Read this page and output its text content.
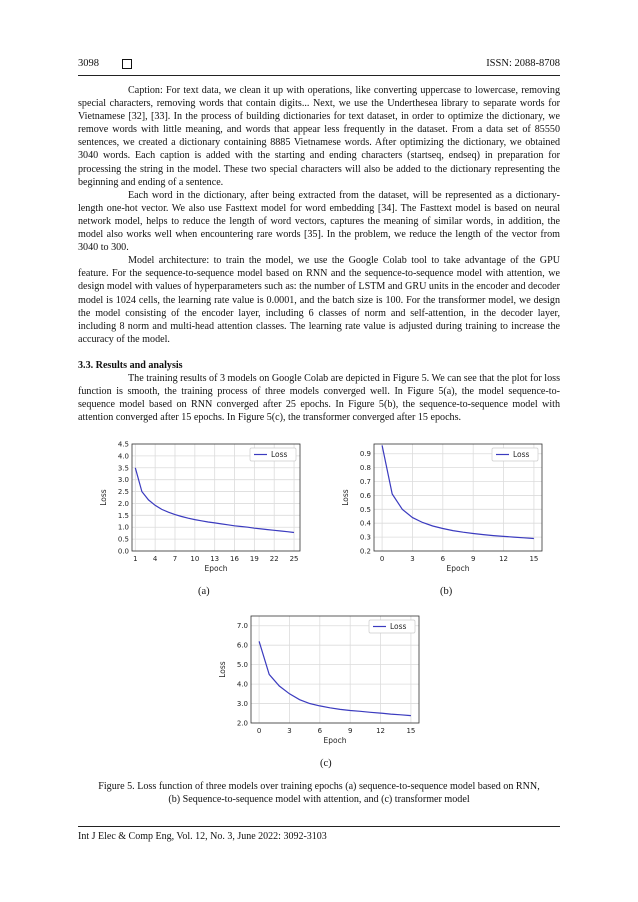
3098	ISSN: 2088-8708

Caption: For text data, we clean it up with operations, like converting uppercase to lowercase, removing special characters, removing words that contain digits... Next, we use the Underthesea library to separate words for Vietnamese [32], [33]. In the process of building dictionaries for text dataset, in order to optimize the dictionary, we remove words with little meaning, and words that appear less frequently in the dataset. From a data set of 85550 sentences, we created a dictionary containing 8885 Vietnamese words. After optimizing the dictionary, we obtained 3040 words. Each caption is added with the starting and ending characters (startseq, endseq) in preparation for processing the string in the model. These two special characters will also be added to the dictionary representing the beginning and ending of a sentence.

Each word in the dictionary, after being extracted from the dataset, will be represented as a dictionary-length one-hot vector. We also use Fasttext model for word embedding [34]. The Fasttext model is based on neural network model, helps to reduce the length of word vectors, captures the meaning of similar words, in addition, the model also works well when encountering rare words [35]. In the problem, we reduce the length of the vector from 3040 to 300.

Model architecture: to train the model, we use the Google Colab tool to take advantage of the GPU feature. For the sequence-to-sequence model based on RNN and the sequence-to-sequence model with attention, we design model with values of hyperparameters such as: the number of LSTM and GRU units in the encoder and decoder model is 1024 cells, the learning rate value is 0.0001, and the batch size is 100. For the transformer model, we design the model consisting of the encoder layer, including 6 classes of norm and self-attention, in the decoder layer, including 8 norm and multi-head attention classes. The learning rate value is adjusted during training to increase the accuracy of the model.

3.3. Results and analysis

The training results of 3 models on Google Colab are depicted in Figure 5. We can see that the plot for loss function is smooth, the training process of three models converged well. In Figure 5(a), the model sequence-to-sequence model based on RNN converged after 25 epochs. In Figure 5(b), the sequence-to-sequence model with attention converged after 15 epochs. In Figure 5(c), the transformer converged after 15 epochs.

1 4 7 10 13 16 19 22 25
0.0
0.5
1.0
1.5
2.0
2.5
3.0
3.5
4.0
4.5
Epoch
Loss
Loss
(a)
0	3	6	9	12	15
0.2
0.3
0.4
0.5
0.6
0.7
0.8
0.9
Epoch
Loss
Loss
(b)
0	3	6	9	12	15
2.0
3.0
4.0
5.0
6.0
7.0
Epoch
Loss
Loss
(c)
Figure 5. Loss function of three models over training epochs (a) sequence-to-sequence model based on RNN,
(b) Sequence-to-sequence model with attention, and (c) transformer model
Int J Elec & Comp Eng, Vol. 12, No. 3, June 2022: 3092-3103
